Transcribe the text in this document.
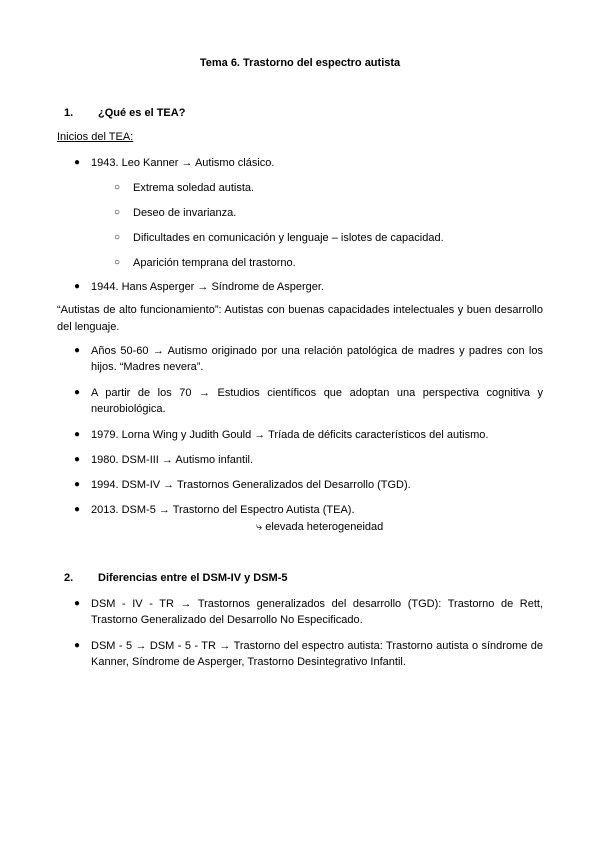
Tema 6. Trastorno del espectro autista
1. ¿Qué es el TEA?
Inicios del TEA:
● 1943. Leo Kanner → Autismo clásico.
○ Extrema soledad autista.
○ Deseo de invarianza.
○ Dificultades en comunicación y lenguaje – islotes de capacidad.
○ Aparición temprana del trastorno.
● 1944. Hans Asperger → Síndrome de Asperger.
“Autistas de alto funcionamiento”: Autistas con buenas capacidades intelectuales y buen desarrollo del lenguaje.
● Años 50-60 → Autismo originado por una relación patológica de madres y padres con los hijos. “Madres nevera”.
● A partir de los 70 → Estudios científicos que adoptan una perspectiva cognitiva y neurobiológica.
● 1979. Lorna Wing y Judith Gould → Tríada de déficits característicos del autismo.
● 1980. DSM-III → Autismo infantil.
● 1994. DSM-IV → Trastornos Generalizados del Desarrollo (TGD).
● 2013. DSM-5 → Trastorno del Espectro Autista (TEA).
⤷ elevada heterogeneidad
2. Diferencias entre el DSM-IV y DSM-5
● DSM - IV - TR → Trastornos generalizados del desarrollo (TGD): Trastorno de Rett, Trastorno Generalizado del Desarrollo No Especificado.
● DSM - 5 → DSM - 5 - TR → Trastorno del espectro autista: Trastorno autista o síndrome de Kanner, Síndrome de Asperger, Trastorno Desintegrativo Infantil.
